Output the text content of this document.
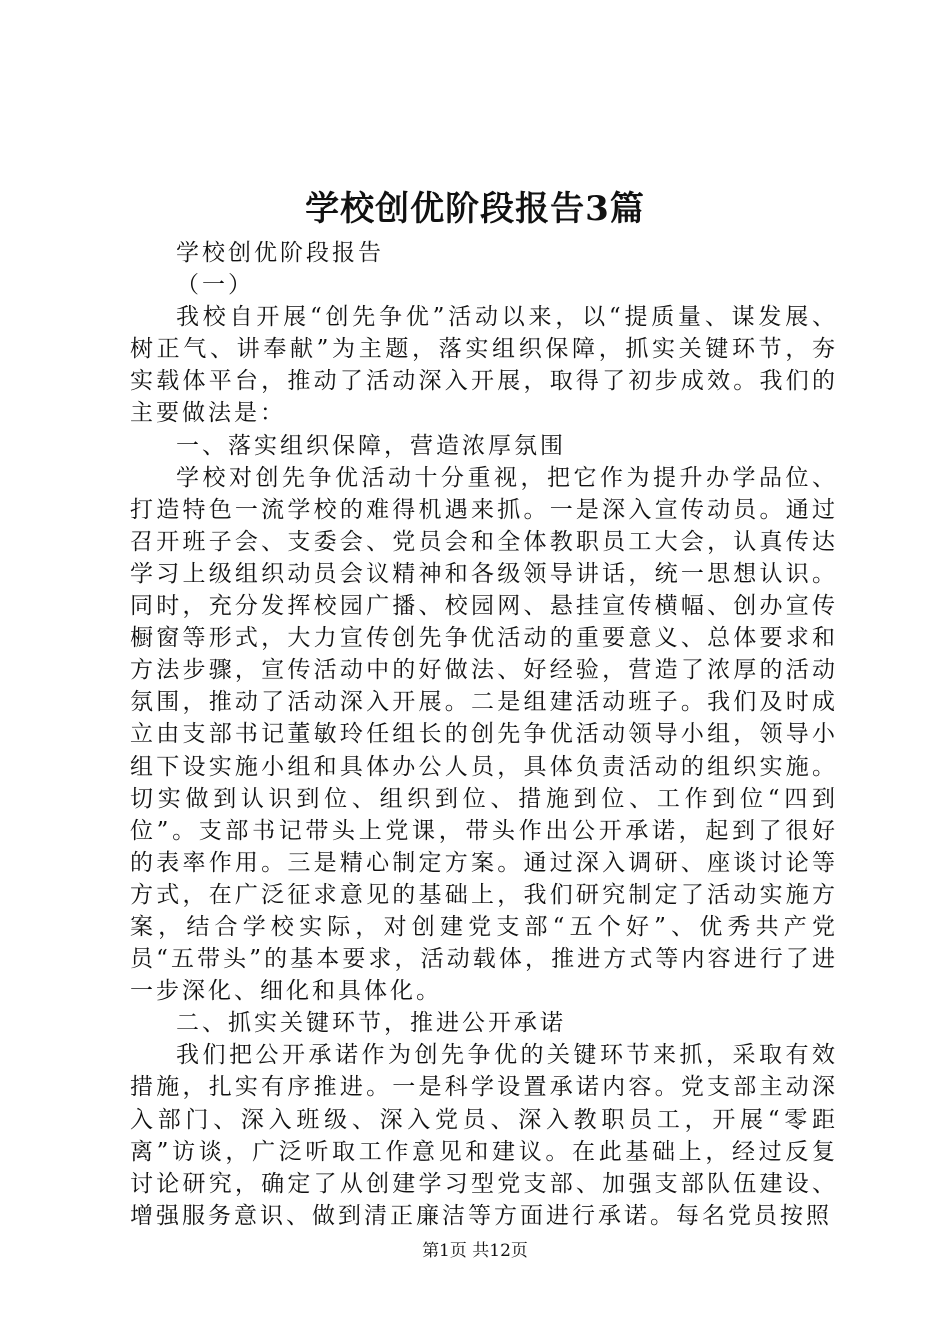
学校创优阶段报告3篇

学校创优阶段报告

（一）

我校自开展“创先争优”活动以来，以“提质量、谋发展、树正气、讲奉献”为主题，落实组织保障，抓实关键环节，夯实载体平台，推动了活动深入开展，取得了初步成效。我们的主要做法是：

一、落实组织保障，营造浓厚氛围

学校对创先争优活动十分重视，把它作为提升办学品位、打造特色一流学校的难得机遇来抓。一是深入宣传动员。通过召开班子会、支委会、党员会和全体教职员工大会，认真传达学习上级组织动员会议精神和各级领导讲话，统一思想认识。同时，充分发挥校园广播、校园网、悬挂宣传横幅、创办宣传橱窗等形式，大力宣传创先争优活动的重要意义、总体要求和方法步骤，宣传活动中的好做法、好经验，营造了浓厚的活动氛围，推动了活动深入开展。二是组建活动班子。我们及时成立由支部书记董敏玲任组长的创先争优活动领导小组，领导小组下设实施小组和具体办公人员，具体负责活动的组织实施。切实做到认识到位、组织到位、措施到位、工作到位“四到位”。支部书记带头上党课，带头作出公开承诺，起到了很好的表率作用。三是精心制定方案。通过深入调研、座谈讨论等方式，在广泛征求意见的基础上，我们研究制定了活动实施方案，结合学校实际，对创建党支部“五个好”、优秀共产党员“五带头”的基本要求，活动载体，推进方式等内容进行了进一步深化、细化和具体化。

二、抓实关键环节，推进公开承诺

我们把公开承诺作为创先争优的关键环节来抓，采取有效措施，扎实有序推进。一是科学设置承诺内容。党支部主动深入部门、深入班级、深入党员、深入教职员工，开展“零距离”访谈，广泛听取工作意见和建议。在此基础上，经过反复讨论研究，确定了从创建学习型党支部、加强支部队伍建设、增强服务意识、做到清正廉洁等方面进行承诺。每名党员按照

第1页 共12页
